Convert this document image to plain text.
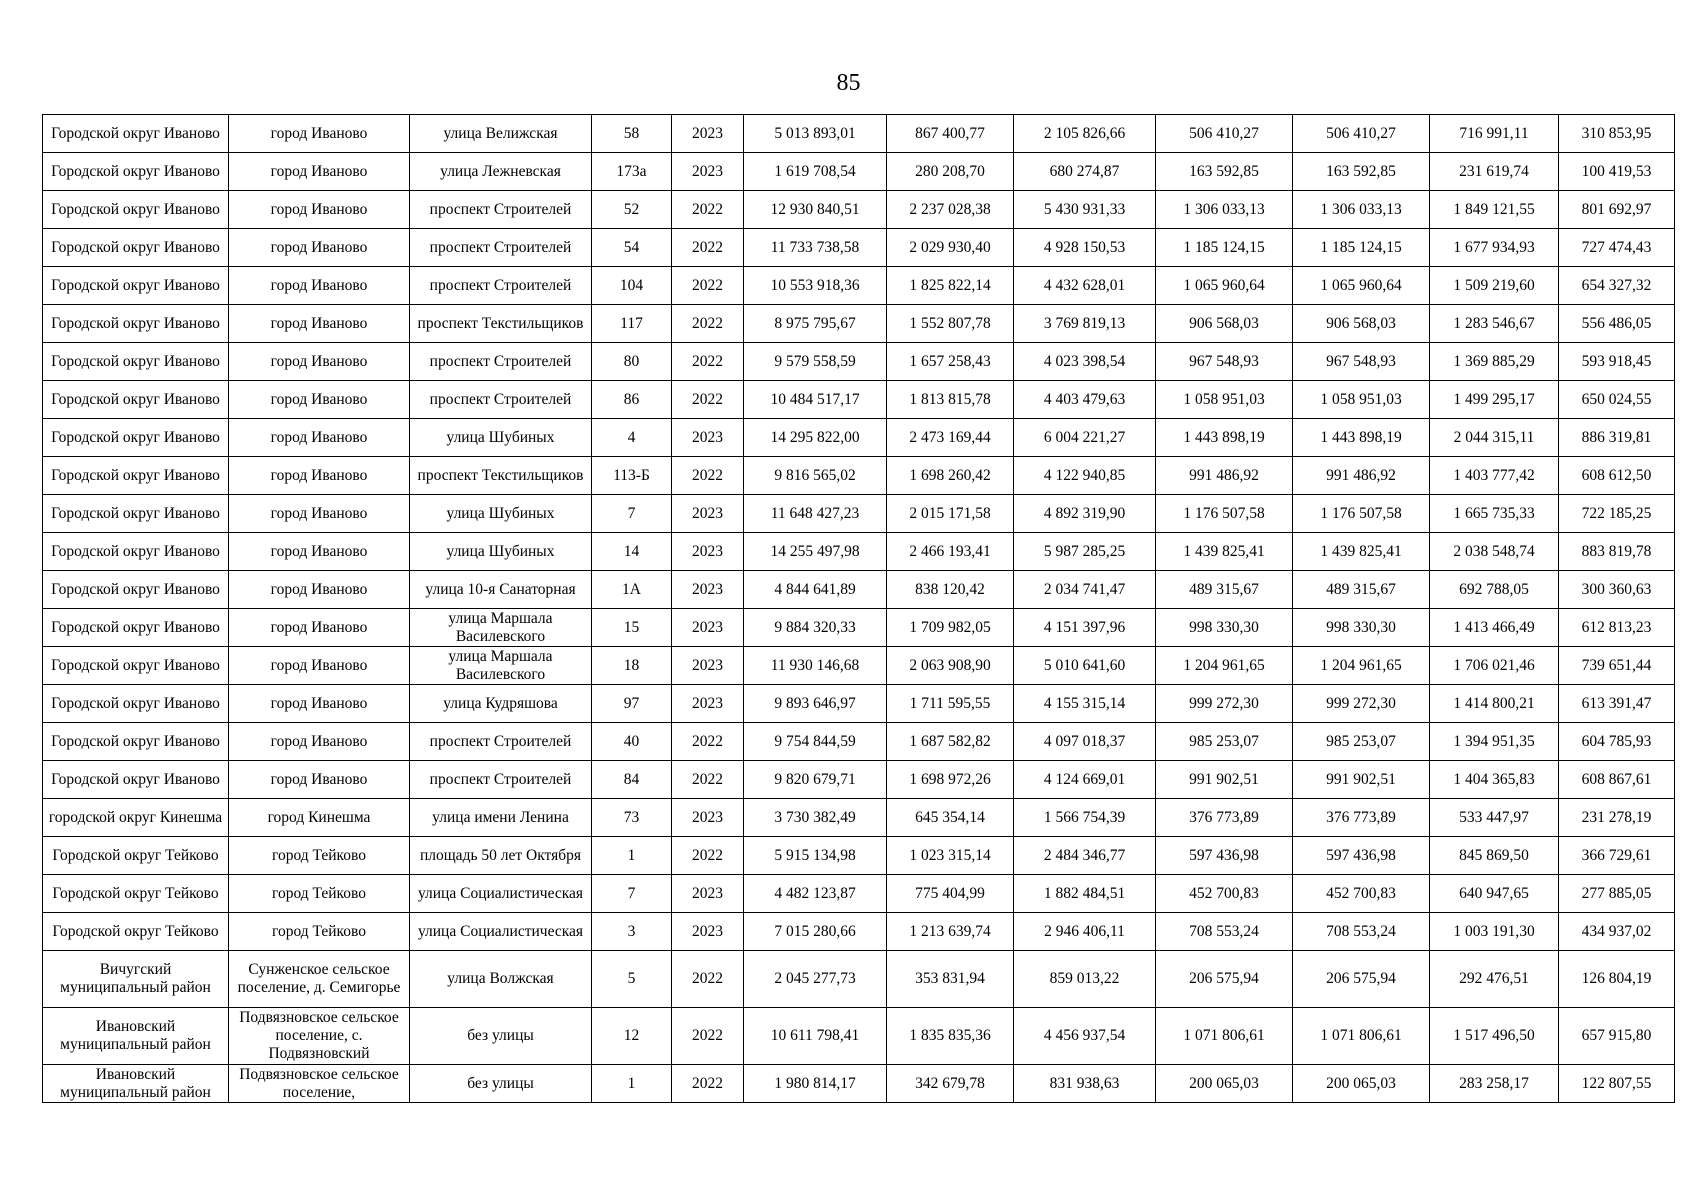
85
Городской округ Иваново	город Иваново	улица Велижская	58	2023	5 013 893,01	867 400,77	2 105 826,66	506 410,27	506 410,27	716 991,11	310 853,95
Городской округ Иваново	город Иваново	улица Лежневская	173а	2023	1 619 708,54	280 208,70	680 274,87	163 592,85	163 592,85	231 619,74	100 419,53
Городской округ Иваново	город Иваново	проспект Строителей	52	2022	12 930 840,51	2 237 028,38	5 430 931,33	1 306 033,13	1 306 033,13	1 849 121,55	801 692,97
Городской округ Иваново	город Иваново	проспект Строителей	54	2022	11 733 738,58	2 029 930,40	4 928 150,53	1 185 124,15	1 185 124,15	1 677 934,93	727 474,43
Городской округ Иваново	город Иваново	проспект Строителей	104	2022	10 553 918,36	1 825 822,14	4 432 628,01	1 065 960,64	1 065 960,64	1 509 219,60	654 327,32
Городской округ Иваново	город Иваново	проспект Текстильщиков	117	2022	8 975 795,67	1 552 807,78	3 769 819,13	906 568,03	906 568,03	1 283 546,67	556 486,05
Городской округ Иваново	город Иваново	проспект Строителей	80	2022	9 579 558,59	1 657 258,43	4 023 398,54	967 548,93	967 548,93	1 369 885,29	593 918,45
Городской округ Иваново	город Иваново	проспект Строителей	86	2022	10 484 517,17	1 813 815,78	4 403 479,63	1 058 951,03	1 058 951,03	1 499 295,17	650 024,55
Городской округ Иваново	город Иваново	улица Шубиных	4	2023	14 295 822,00	2 473 169,44	6 004 221,27	1 443 898,19	1 443 898,19	2 044 315,11	886 319,81
Городской округ Иваново	город Иваново	проспект Текстильщиков	113-Б	2022	9 816 565,02	1 698 260,42	4 122 940,85	991 486,92	991 486,92	1 403 777,42	608 612,50
Городской округ Иваново	город Иваново	улица Шубиных	7	2023	11 648 427,23	2 015 171,58	4 892 319,90	1 176 507,58	1 176 507,58	1 665 735,33	722 185,25
Городской округ Иваново	город Иваново	улица Шубиных	14	2023	14 255 497,98	2 466 193,41	5 987 285,25	1 439 825,41	1 439 825,41	2 038 548,74	883 819,78
Городской округ Иваново	город Иваново	улица 10-я Санаторная	1А	2023	4 844 641,89	838 120,42	2 034 741,47	489 315,67	489 315,67	692 788,05	300 360,63
Городской округ Иваново	город Иваново	улица Маршала Василевского	15	2023	9 884 320,33	1 709 982,05	4 151 397,96	998 330,30	998 330,30	1 413 466,49	612 813,23
Городской округ Иваново	город Иваново	улица Маршала Василевского	18	2023	11 930 146,68	2 063 908,90	5 010 641,60	1 204 961,65	1 204 961,65	1 706 021,46	739 651,44
Городской округ Иваново	город Иваново	улица Кудряшова	97	2023	9 893 646,97	1 711 595,55	4 155 315,14	999 272,30	999 272,30	1 414 800,21	613 391,47
Городской округ Иваново	город Иваново	проспект Строителей	40	2022	9 754 844,59	1 687 582,82	4 097 018,37	985 253,07	985 253,07	1 394 951,35	604 785,93
Городской округ Иваново	город Иваново	проспект Строителей	84	2022	9 820 679,71	1 698 972,26	4 124 669,01	991 902,51	991 902,51	1 404 365,83	608 867,61
городской округ Кинешма	город Кинешма	улица имени Ленина	73	2023	3 730 382,49	645 354,14	1 566 754,39	376 773,89	376 773,89	533 447,97	231 278,19
Городской округ Тейково	город Тейково	площадь 50 лет Октября	1	2022	5 915 134,98	1 023 315,14	2 484 346,77	597 436,98	597 436,98	845 869,50	366 729,61
Городской округ Тейково	город Тейково	улица Социалистическая	7	2023	4 482 123,87	775 404,99	1 882 484,51	452 700,83	452 700,83	640 947,65	277 885,05
Городской округ Тейково	город Тейково	улица Социалистическая	3	2023	7 015 280,66	1 213 639,74	2 946 406,11	708 553,24	708 553,24	1 003 191,30	434 937,02
Вичугский муниципальный район	Сунженское сельское поселение, д. Семигорье	улица Волжская	5	2022	2 045 277,73	353 831,94	859 013,22	206 575,94	206 575,94	292 476,51	126 804,19
Ивановский муниципальный район	Подвязновское сельское поселение, с. Подвязновский	без улицы	12	2022	10 611 798,41	1 835 835,36	4 456 937,54	1 071 806,61	1 071 806,61	1 517 496,50	657 915,80
Ивановский муниципальный район	Подвязновское сельское поселение,	без улицы	1	2022	1 980 814,17	342 679,78	831 938,63	200 065,03	200 065,03	283 258,17	122 807,55
